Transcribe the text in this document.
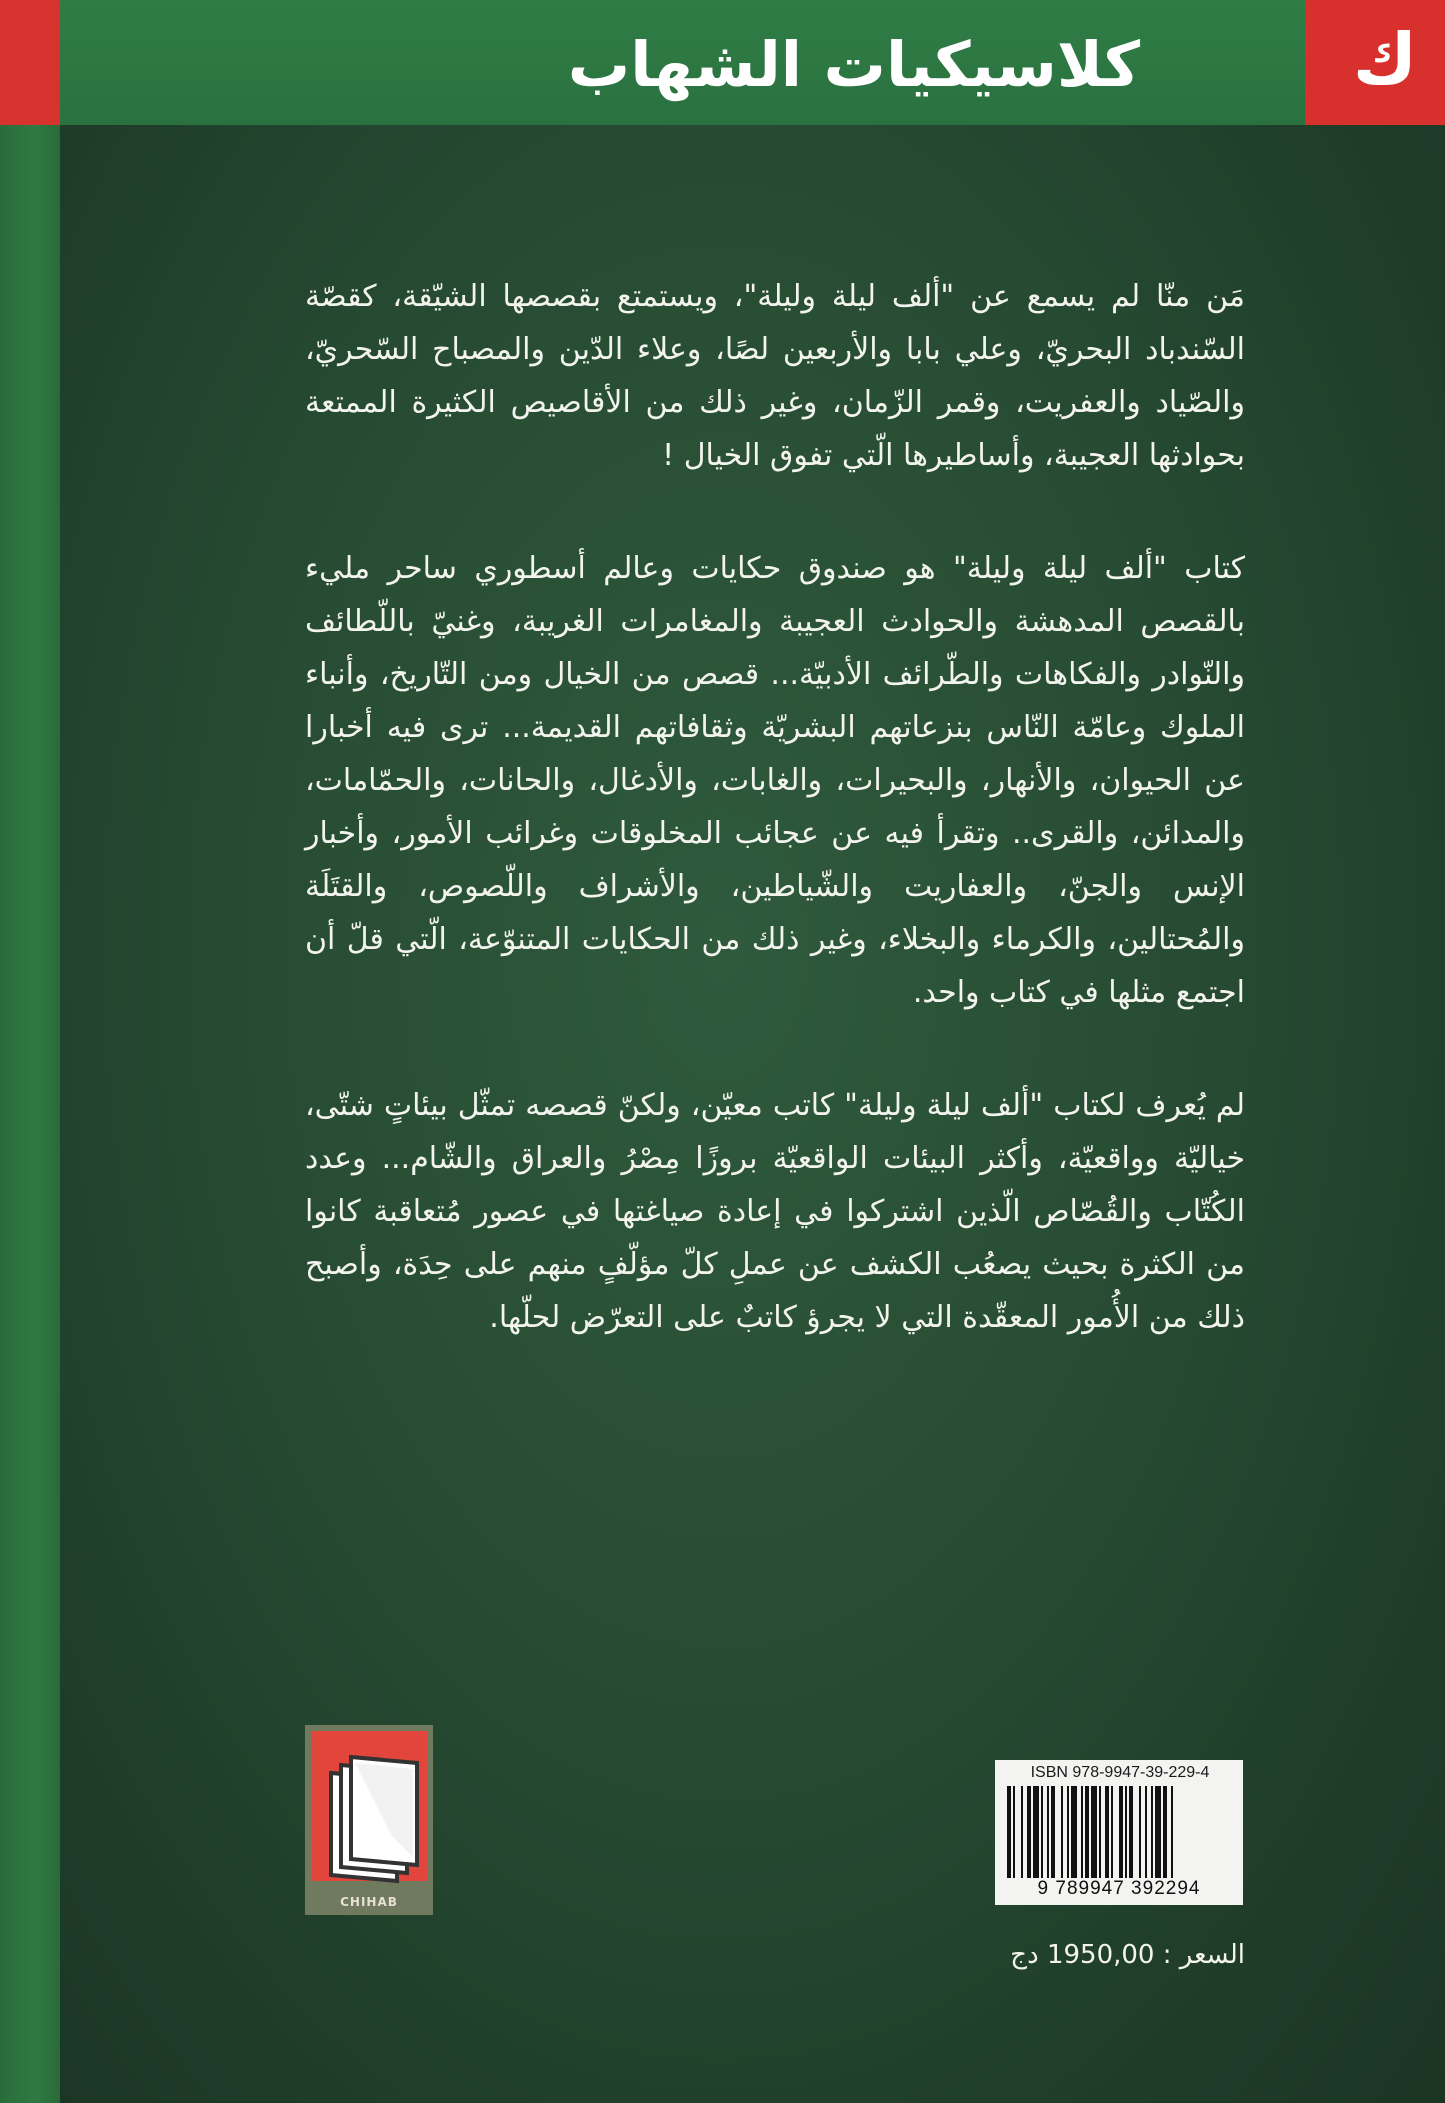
كلاسيكيات الشهاب	ك

مَن منّا لم يسمع عن "ألف ليلة وليلة"، ويستمتع بقصصها الشيّقة، كقصّة السّندباد البحريّ، وعلي بابا والأربعين لصًا، وعلاء الدّين والمصباح السّحريّ، والصّياد والعفريت، وقمر الزّمان، وغير ذلك من الأقاصيص الكثيرة الممتعة بحوادثها العجيبة، وأساطيرها الّتي تفوق الخيال !

كتاب "ألف ليلة وليلة" هو صندوق حكايات وعالم أسطوري ساحر مليء بالقصص المدهشة والحوادث العجيبة والمغامرات الغريبة، وغنيّ باللّطائف والنّوادر والفكاهات والطّرائف الأدبيّة... قصص من الخيال ومن التّاريخ، وأنباء الملوك وعامّة النّاس بنزعاتهم البشريّة وثقافاتهم القديمة... ترى فيه أخبارا عن الحيوان، والأنهار، والبحيرات، والغابات، والأدغال، والحانات، والحمّامات، والمدائن، والقرى.. وتقرأ فيه عن عجائب المخلوقات وغرائب الأمور، وأخبار الإنس والجنّ، والعفاريت والشّياطين، والأشراف واللّصوص، والقتَلَة والمُحتالين، والكرماء والبخلاء، وغير ذلك من الحكايات المتنوّعة، الّتي قلّ أن اجتمع مثلها في كتاب واحد.

لم يُعرف لكتاب "ألف ليلة وليلة" كاتب معيّن، ولكنّ قصصه تمثّل بيئاتٍ شتّى، خياليّة وواقعيّة، وأكثر البيئات الواقعيّة بروزًا مِصْرُ والعراق والشّام... وعدد الكُتّاب والقُصّاص الّذين اشتركوا في إعادة صياغتها في عصور مُتعاقبة كانوا من الكثرة بحيث يصعُب الكشف عن عملِ كلّ مؤلّفٍ منهم على حِدَة، وأصبح ذلك من الأُمور المعقّدة التي لا يجرؤ كاتبٌ على التعرّض لحلّها.

CHIHAB
ISBN 978-9947-39-229-4
9 789947 392294
السعر : 1950,00 دج
